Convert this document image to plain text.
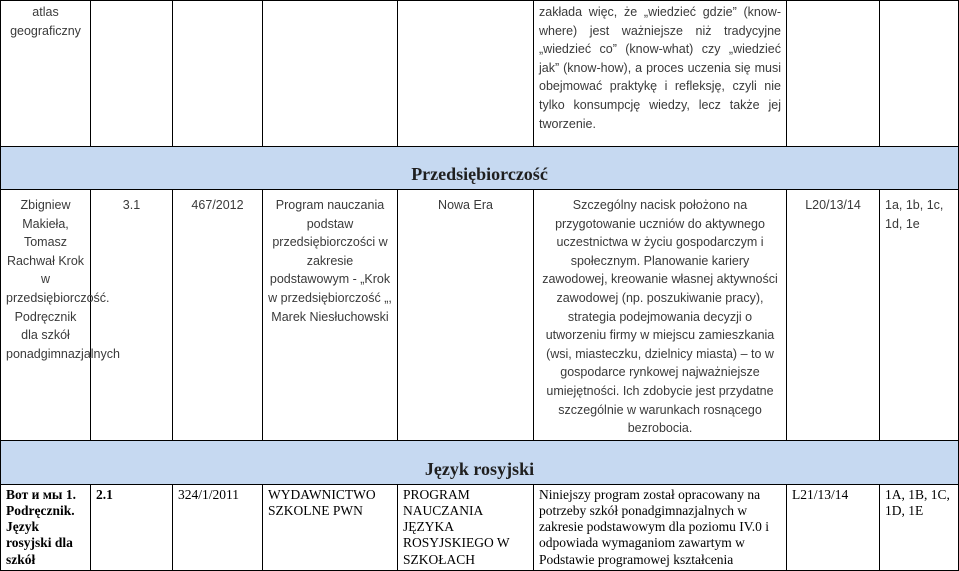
atlas geograficzny					zakłada więc, że „wiedzieć gdzie” (know-where) jest ważniejsze niż tradycyjne „wiedzieć co” (know-what) czy „wiedzieć jak” (know-how), a proces uczenia się musi obejmować praktykę i refleksję, czyli nie tylko konsumpcję wiedzy, lecz także jej tworzenie.		
Przedsiębiorczość							
Zbigniew Makieła, Tomasz Rachwał Krok w przedsiębiorczość. Podręcznik dla szkół ponadgimnazjalnych	3.1	467/2012	Program nauczania podstaw przedsiębiorczości w zakresie podstawowym - „Krok w przedsiębiorczość „, Marek Niesłuchowski	Nowa Era	Szczególny nacisk położono na przygotowanie uczniów do aktywnego uczestnictwa w życiu gospodarczym i społecznym. Planowanie kariery zawodowej, kreowanie własnej aktywności zawodowej (np. poszukiwanie pracy), strategia podejmowania decyzji o utworzeniu firmy w miejscu zamieszkania (wsi, miasteczku, dzielnicy miasta) – to w gospodarce rynkowej najważniejsze umiejętności. Ich zdobycie jest przydatne szczególnie w warunkach rosnącego bezrobocia.	L20/13/14	1a, 1b, 1c, 1d, 1e
Język rosyjski							
Вот и мы 1. Podręcznik. Język rosyjski dla szkół	2.1	324/1/2011	WYDAWNICTWO SZKOLNE PWN	PROGRAM NAUCZANIA JĘZYKA ROSYJSKIEGO W SZKOŁACH	Niniejszy program został opracowany na potrzeby szkół ponadgimnazjalnych w zakresie podstawowym dla poziomu IV.0 i odpowiada wymaganiom zawartym w Podstawie programowej kształcenia	L21/13/14	1A, 1B, 1C, 1D, 1E
